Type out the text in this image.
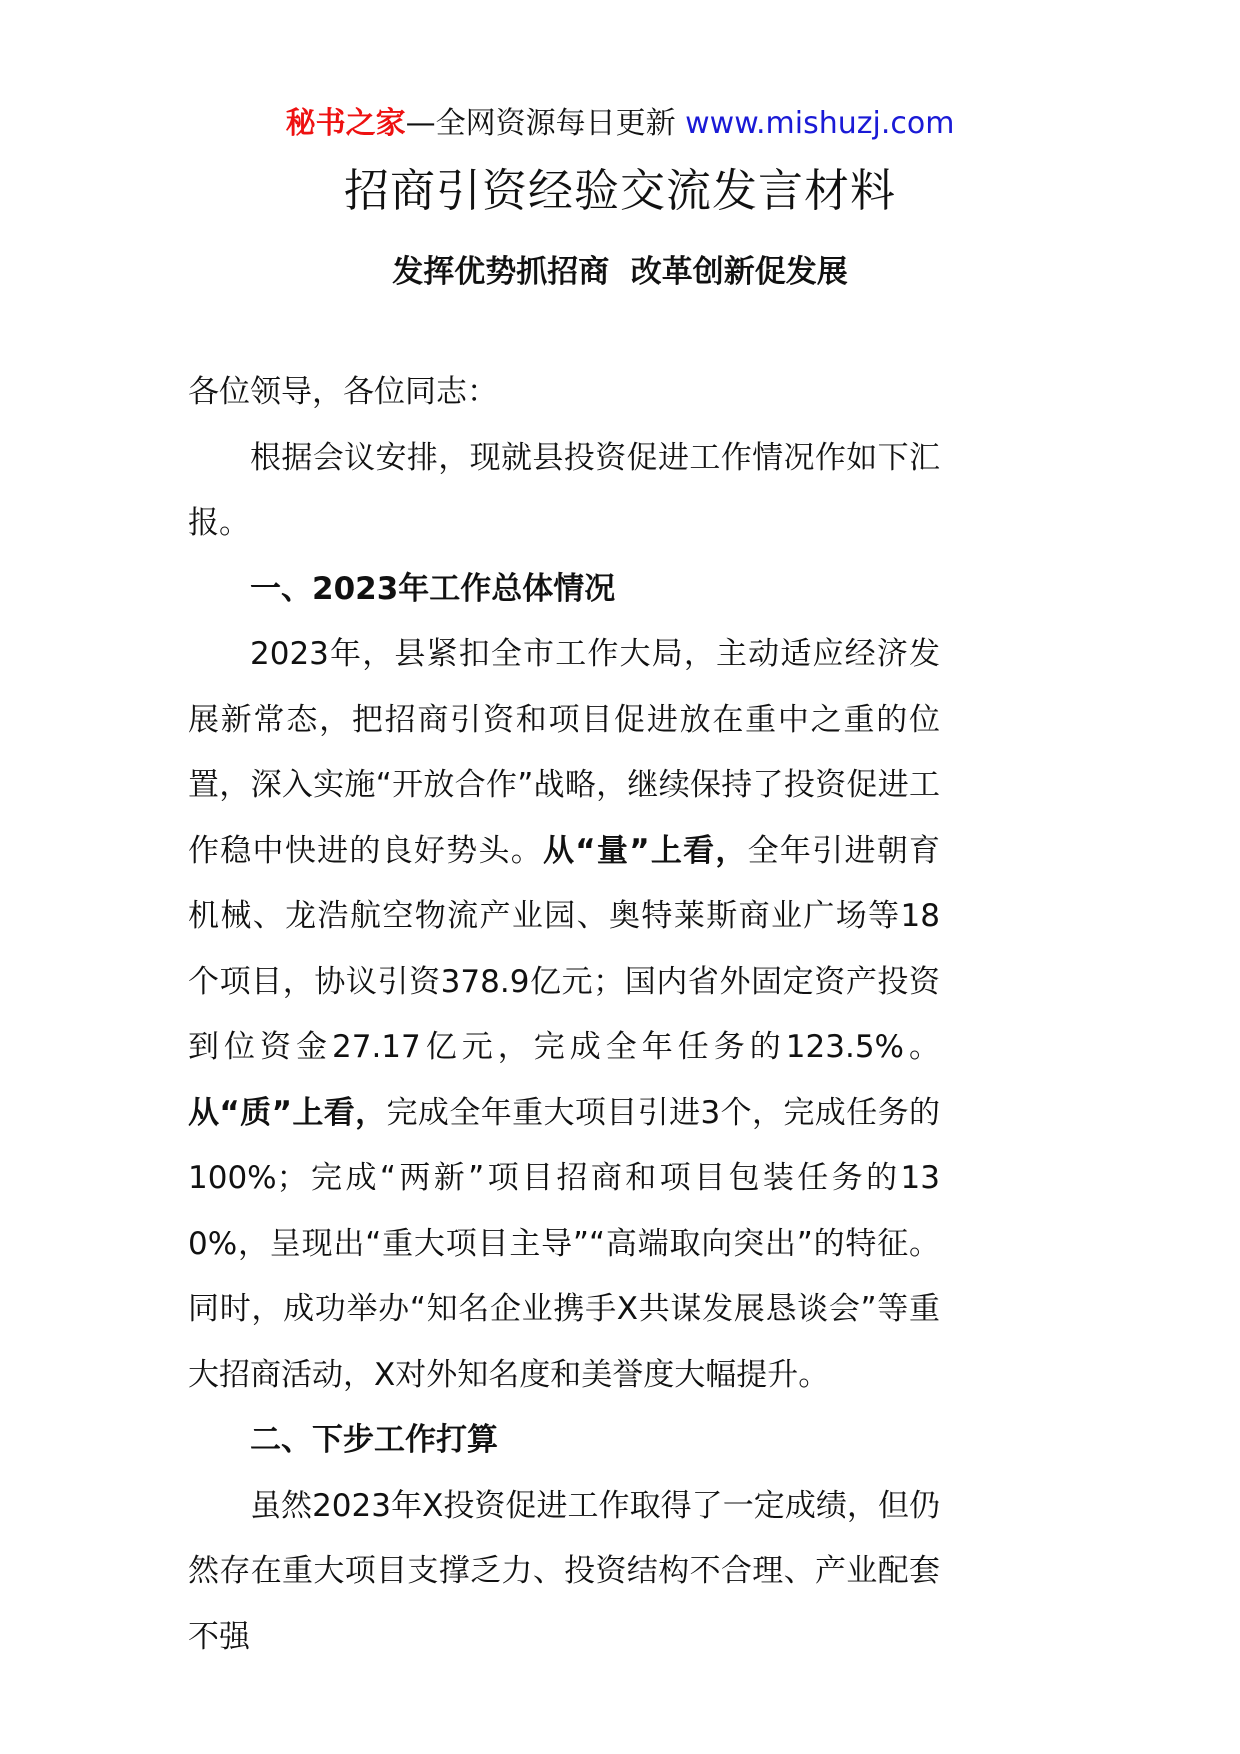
秘书之家—全网资源每日更新 www.mishuzj.com
招商引资经验交流发言材料
发挥优势抓招商  改革创新促发展

各位领导，各位同志：

根据会议安排，现就县投资促进工作情况作如下汇报。

一、2023年工作总体情况

2023年，县紧扣全市工作大局，主动适应经济发展新常态，把招商引资和项目促进放在重中之重的位置，深入实施“开放合作”战略，继续保持了投资促进工作稳中快进的良好势头。从“量”上看，全年引进朝育机械、龙浩航空物流产业园、奥特莱斯商业广场等18个项目，协议引资378.9亿元；国内省外固定资产投资到位资金27.17亿元，完成全年任务的123.5%。从“质”上看，完成全年重大项目引进3个，完成任务的100%；完成“两新”项目招商和项目包装任务的130%，呈现出“重大项目主导”“高端取向突出”的特征。同时，成功举办“知名企业携手X共谋发展恳谈会”等重大招商活动，X对外知名度和美誉度大幅提升。

二、下步工作打算

虽然2023年X投资促进工作取得了一定成绩，但仍然存在重大项目支撑乏力、投资结构不合理、产业配套不强
